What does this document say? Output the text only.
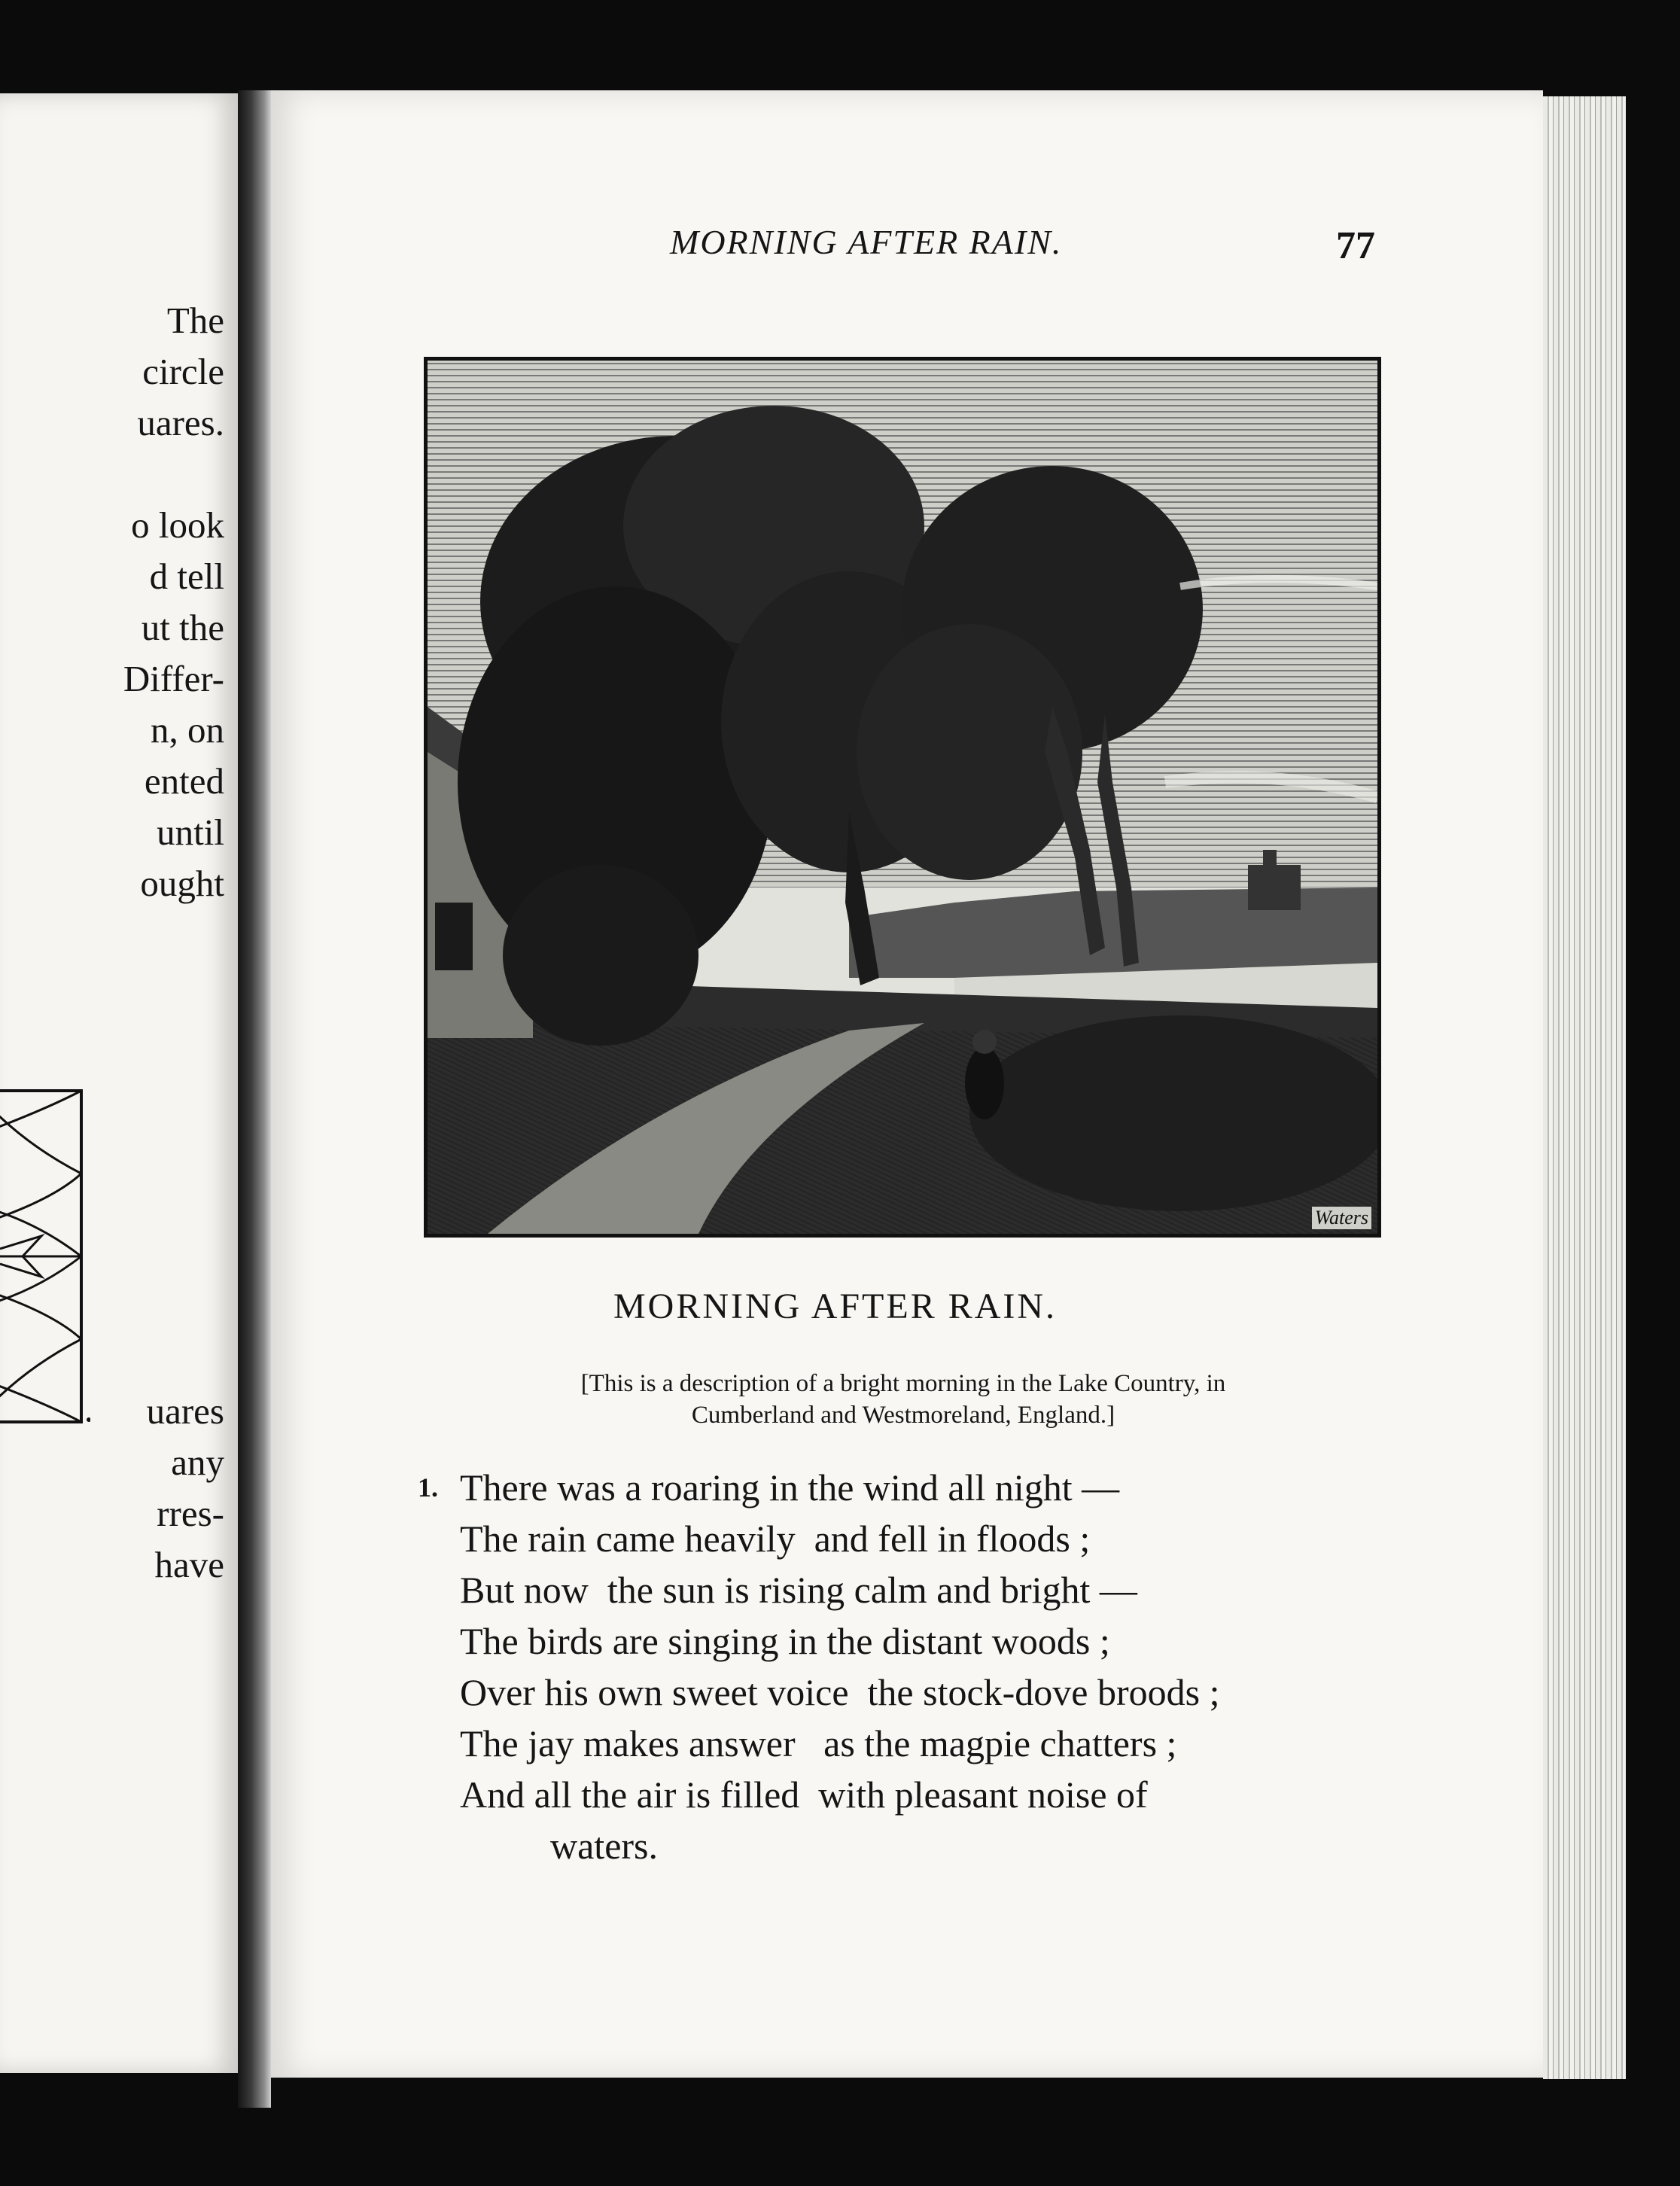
The
circle
uares.

o look
d tell
ut the
Differ-
n, on
ented
until
ought
uares
any
rres-
have
MORNING AFTER RAIN.	77
Waters
MORNING AFTER RAIN.
[This is a description of a bright morning in the Lake Country, in
Cumberland and Westmoreland, England.]
1. There was a roaring in the wind all night —
The rain came heavily  and fell in floods ;
But now  the sun is rising calm and bright —
The birds are singing in the distant woods ;
Over his own sweet voice  the stock-dove broods ;
The jay makes answer   as the magpie chatters ;
And all the air is filled  with pleasant noise of
waters.
